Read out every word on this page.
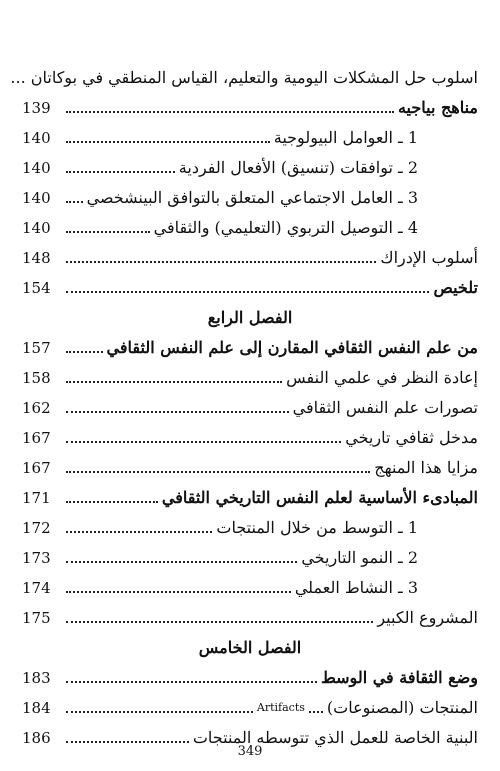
اسلوب حل المشكلات اليومية والتعليم، القياس المنطقي في بوكاتان ...
مناهج بياجيه
139
1 ـ العوامل البيولوجية
140
2 ـ توافقات (تنسيق) الأفعال الفردية
140
3 ـ العامل الاجتماعي المتعلق بالتوافق البينشخصي
140
4 ـ التوصيل التربوي (التعليمي) والثقافي
140
أسلوب الإدراك
148
تلخيص
154
الفصل الرابع
من علم النفس الثقافي المقارن إلى علم النفس الثقافي
157
إعادة النظر في علمي النفس
158
تصورات علم النفس الثقافي
162
مدخل ثقافي تاريخي
167
مزايا هذا المنهج
167
المبادىء الأساسية لعلم النفس التاريخي الثقافي
171
1 ـ التوسط من خلال المنتجات
172
2 ـ النمو التاريخي
173
3 ـ النشاط العملي
174
المشروع الكبير
175
الفصل الخامس
وضع الثقافة في الوسط
183
المنتجات (المصنوعات)
Artifacts
184
البنية الخاصة للعمل الذي تتوسطه المنتجات
186
349
